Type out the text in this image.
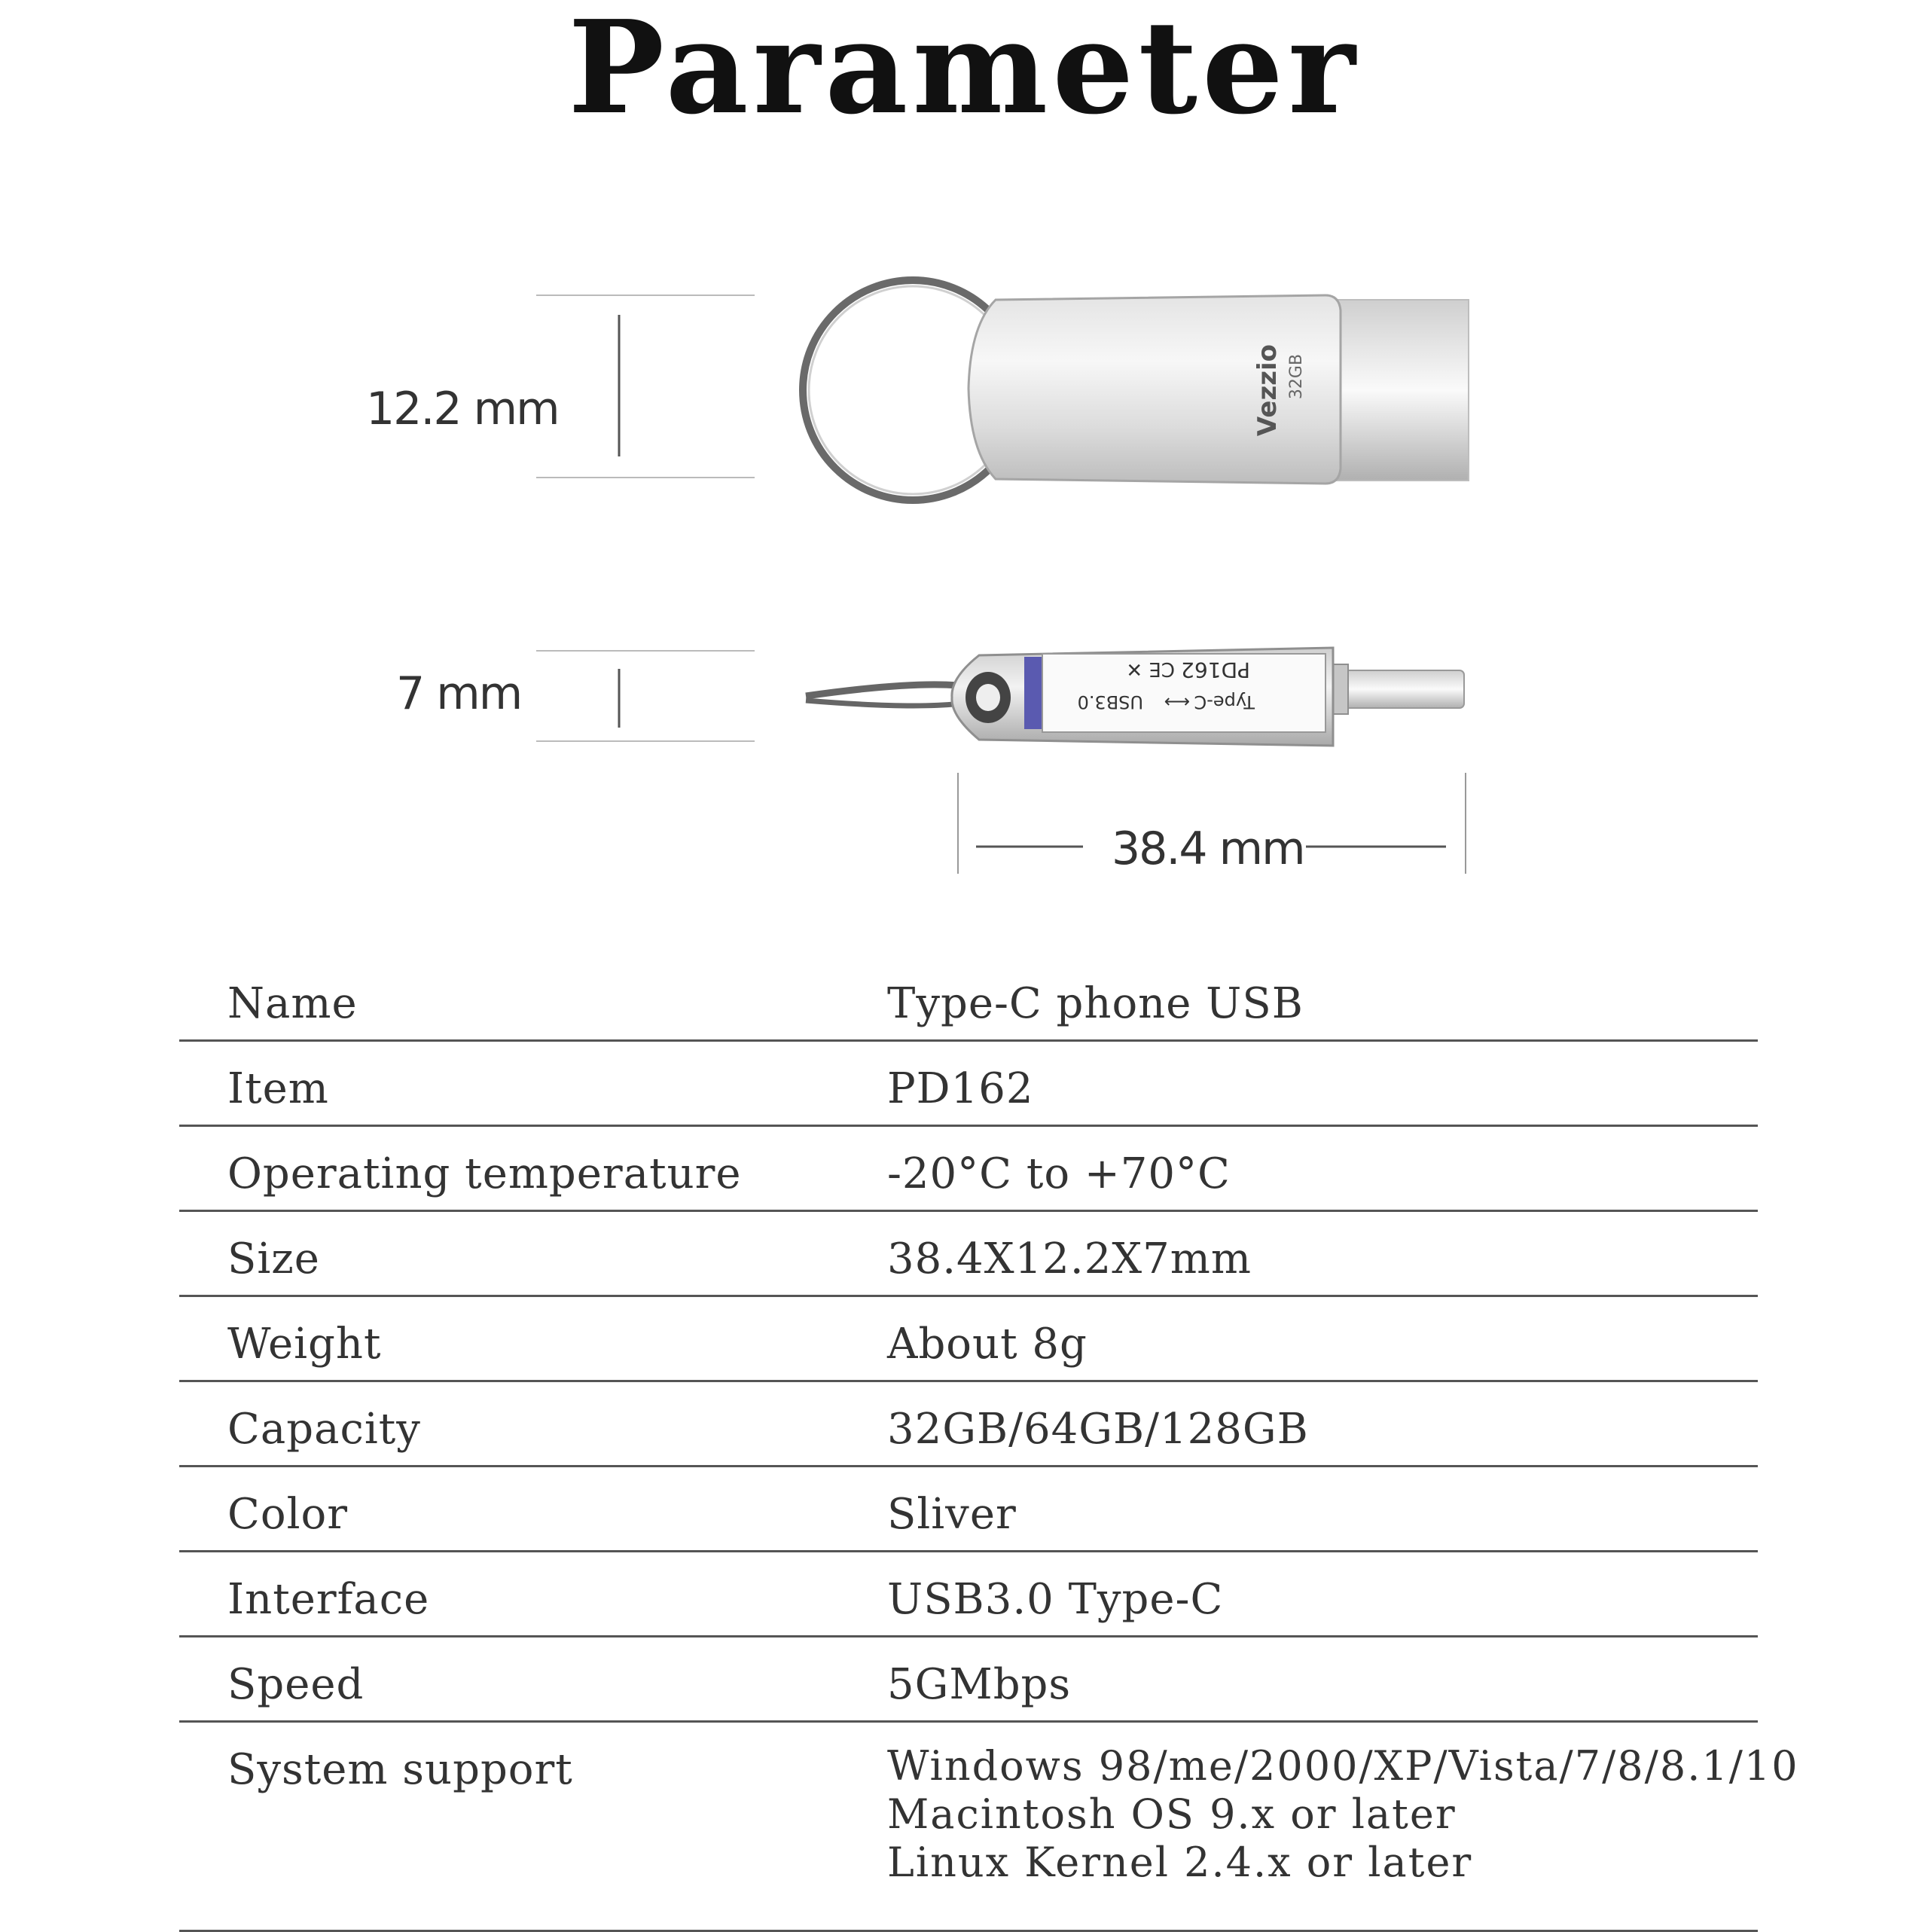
Parameter
12.2 mm
7 mm
38.4 mm
Vezzio 32GB
Type-C
⟷
USB3.0
PD162
CE ✕
Name	Type-C phone USB
Item	PD162
Operating temperature	-20°C to +70°C
Size	38.4X12.2X7mm
Weight	About 8g
Capacity	32GB/64GB/128GB
Color	Sliver
Interface	USB3.0 Type-C
Speed	5GMbps
System support	Windows 98/me/2000/XP/Vista/7/8/8.1/10
Macintosh OS 9.x or later
Linux Kernel 2.4.x or later
